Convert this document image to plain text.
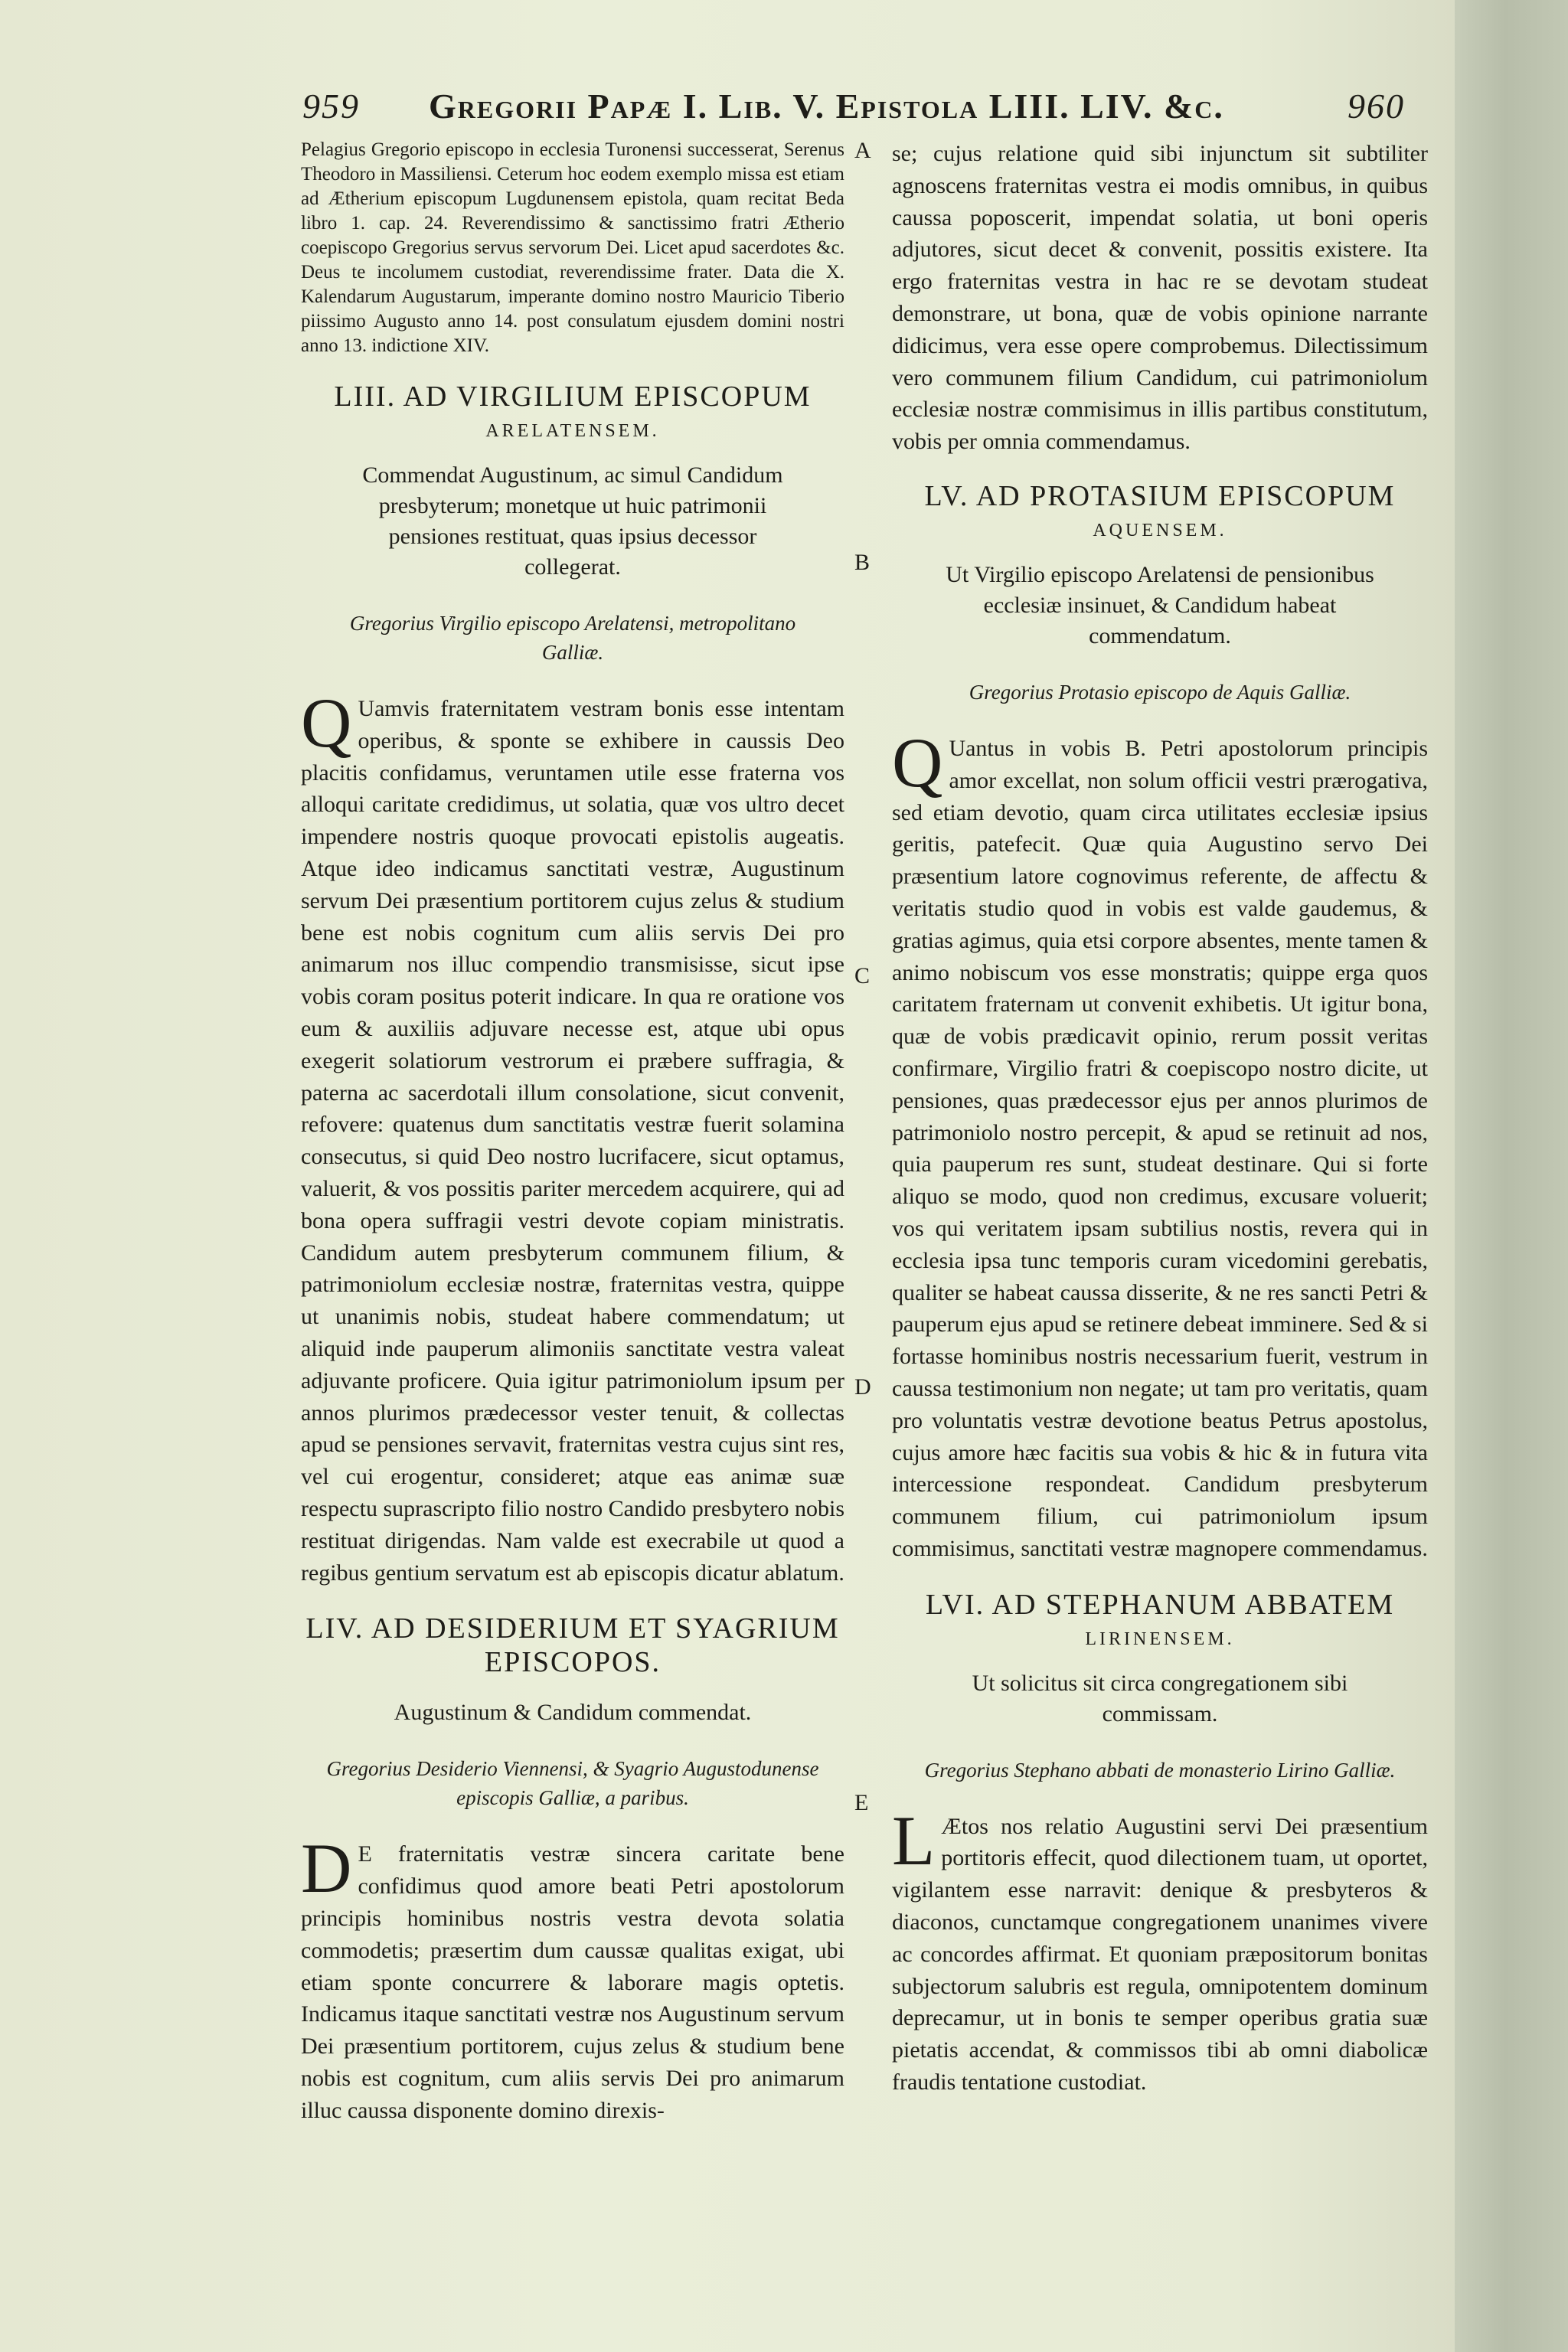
959 Gregorii Papæ I. Lib. V. Epistola LIII. LIV. &c.	960
A
B
C
D
E

Pelagius Gregorio episcopo in ecclesia Turonensi successerat, Serenus Theodoro in Massiliensi. Ceterum hoc eodem exemplo missa est etiam ad Ætherium episcopum Lugdunensem epistola, quam recitat Beda libro 1. cap. 24. Reverendissimo & sanctissimo fratri Ætherio coepiscopo Gregorius servus servorum Dei. Licet apud sacerdotes &c. Deus te incolumem custodiat, reverendissime frater. Data die X. Kalendarum Augustarum, imperante domino nostro Mauricio Tiberio piissimo Augusto anno 14. post consulatum ejusdem domini nostri anno 13. indictione XIV.

LIII. AD VIRGILIUM EPISCOPUM
ARELATENSEM.
Commendat Augustinum, ac simul Candidum presbyterum; monetque ut huic patrimonii pensiones restituat, quas ipsius decessor collegerat.
Gregorius Virgilio episcopo Arelatensi, metropolitano Galliæ.

Q Uamvis fraternitatem vestram bonis esse intentam operibus, & sponte se exhibere in caussis Deo placitis confidamus, veruntamen utile esse fraterna vos alloqui caritate credidimus, ut solatia, quæ vos ultro decet impendere nostris quoque provocati epistolis augeatis. Atque ideo indicamus sanctitati vestræ, Augustinum servum Dei præsentium portitorem cujus zelus & studium bene est nobis cognitum cum aliis servis Dei pro animarum nos illuc compendio transmisisse, sicut ipse vobis coram positus poterit indicare. In qua re oratione vos eum & auxiliis adjuvare necesse est, atque ubi opus exegerit solatiorum vestrorum ei præbere suffragia, & paterna ac sacerdotali illum consolatione, sicut convenit, refovere: quatenus dum sanctitatis vestræ fuerit solamina consecutus, si quid Deo nostro lucrifacere, sicut optamus, valuerit, & vos possitis pariter mercedem acquirere, qui ad bona opera suffragii vestri devote copiam ministratis. Candidum autem presbyterum communem filium, & patrimoniolum ecclesiæ nostræ, fraternitas vestra, quippe ut unanimis nobis, studeat habere commendatum; ut aliquid inde pauperum alimoniis sanctitate vestra valeat adjuvante proficere. Quia igitur patrimoniolum ipsum per annos plurimos prædecessor vester tenuit, & collectas apud se pensiones servavit, fraternitas vestra cujus sint res, vel cui erogentur, consideret; atque eas animæ suæ respectu suprascripto filio nostro Candido presbytero nobis restituat dirigendas. Nam valde est execrabile ut quod a regibus gentium servatum est ab episcopis dicatur ablatum.

LIV. AD DESIDERIUM ET SYAGRIUM EPISCOPOS.
Augustinum & Candidum commendat.
Gregorius Desiderio Viennensi, & Syagrio Augustodunense episcopis Galliæ, a paribus.

D E fraternitatis vestræ sincera caritate bene confidimus quod amore beati Petri apostolorum principis hominibus nostris vestra devota solatia commodetis; præsertim dum caussæ qualitas exigat, ubi etiam sponte concurrere & laborare magis optetis. Indicamus itaque sanctitati vestræ nos Augustinum servum Dei præsentium portitorem, cujus zelus & studium bene nobis est cognitum, cum aliis servis Dei pro animarum illuc caussa disponente domino direxis-

se; cujus relatione quid sibi injunctum sit subtiliter agnoscens fraternitas vestra ei modis omnibus, in quibus caussa poposcerit, impendat solatia, ut boni operis adjutores, sicut decet & convenit, possitis existere. Ita ergo fraternitas vestra in hac re se devotam studeat demonstrare, ut bona, quæ de vobis opinione narrante didicimus, vera esse opere comprobemus. Dilectissimum vero communem filium Candidum, cui patrimoniolum ecclesiæ nostræ commisimus in illis partibus constitutum, vobis per omnia commendamus.

LV. AD PROTASIUM EPISCOPUM
AQUENSEM.
Ut Virgilio episcopo Arelatensi de pensionibus ecclesiæ insinuet, & Candidum habeat commendatum.
Gregorius Protasio episcopo de Aquis Galliæ.

Q Uantus in vobis B. Petri apostolorum principis amor excellat, non solum officii vestri prærogativa, sed etiam devotio, quam circa utilitates ecclesiæ ipsius geritis, patefecit. Quæ quia Augustino servo Dei præsentium latore cognovimus referente, de affectu & veritatis studio quod in vobis est valde gaudemus, & gratias agimus, quia etsi corpore absentes, mente tamen & animo nobiscum vos esse monstratis; quippe erga quos caritatem fraternam ut convenit exhibetis. Ut igitur bona, quæ de vobis prædicavit opinio, rerum possit veritas confirmare, Virgilio fratri & coepiscopo nostro dicite, ut pensiones, quas prædecessor ejus per annos plurimos de patrimoniolo nostro percepit, & apud se retinuit ad nos, quia pauperum res sunt, studeat destinare. Qui si forte aliquo se modo, quod non credimus, excusare voluerit; vos qui veritatem ipsam subtilius nostis, revera qui in ecclesia ipsa tunc temporis curam vicedomini gerebatis, qualiter se habeat caussa disserite, & ne res sancti Petri & pauperum ejus apud se retinere debeat imminere. Sed & si fortasse hominibus nostris necessarium fuerit, vestrum in caussa testimonium non negate; ut tam pro veritatis, quam pro voluntatis vestræ devotione beatus Petrus apostolus, cujus amore hæc facitis sua vobis & hic & in futura vita intercessione respondeat. Candidum presbyterum communem filium, cui patrimoniolum ipsum commisimus, sanctitati vestræ magnopere commendamus.

LVI. AD STEPHANUM ABBATEM
LIRINENSEM.
Ut solicitus sit circa congregationem sibi commissam.
Gregorius Stephano abbati de monasterio Lirino Galliæ.

L Ætos nos relatio Augustini servi Dei præsentium portitoris effecit, quod dilectionem tuam, ut oportet, vigilantem esse narravit: denique & presbyteros & diaconos, cunctamque congregationem unanimes vivere ac concordes affirmat. Et quoniam præpositorum bonitas subjectorum salubris est regula, omnipotentem dominum deprecamur, ut in bonis te semper operibus gratia suæ pietatis accendat, & commissos tibi ab omni diabolicæ fraudis tentatione custodiat.
